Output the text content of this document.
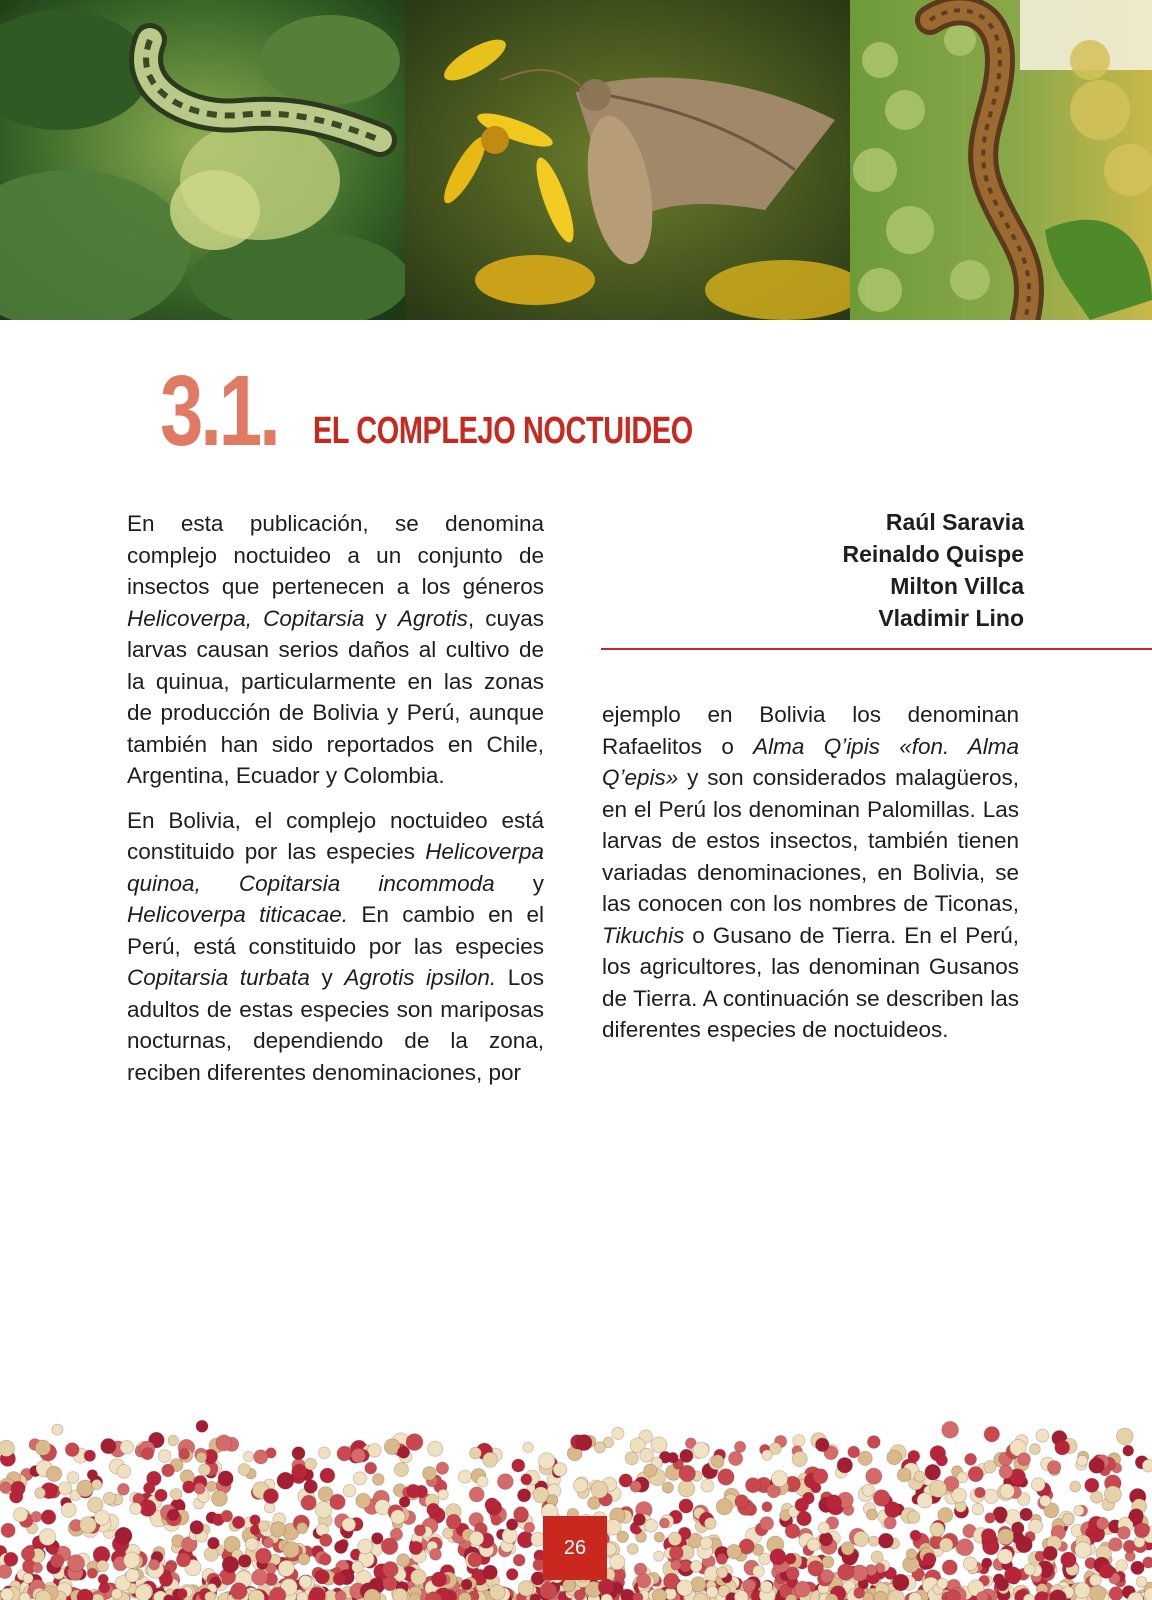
3.1. EL COMPLEJO NOCTUIDEO

En esta publicación, se denomina complejo noctuideo a un conjunto de insectos que pertenecen a los géneros Helicoverpa, Copitarsia y Agrotis, cuyas larvas causan serios daños al cultivo de la quinua, particularmente en las zonas de producción de Bolivia y Perú, aunque también han sido reportados en Chile, Argentina, Ecuador y Colombia.

En Bolivia, el complejo noctuideo está constituido por las especies Helicoverpa quinoa, Copitarsia incommoda y Helicoverpa titicacae. En cambio en el Perú, está constituido por las especies Copitarsia turbata y Agrotis ipsilon. Los adultos de estas especies son mariposas nocturnas, dependiendo de la zona, reciben diferentes denominaciones, por

Raúl Saravia
Reinaldo Quispe
Milton Villca
Vladimir Lino

ejemplo en Bolivia los denominan Rafaelitos o Alma Q’ipis «fon. Alma Q’epis» y son considerados malagüeros, en el Perú los denominan Palomillas. Las larvas de estos insectos, también tienen variadas denominaciones, en Bolivia, se las conocen con los nombres de Ticonas, Tikuchis o Gusano de Tierra. En el Perú, los agricultores, las denominan Gusanos de Tierra. A continuación se describen las diferentes especies de noctuideos.

26
